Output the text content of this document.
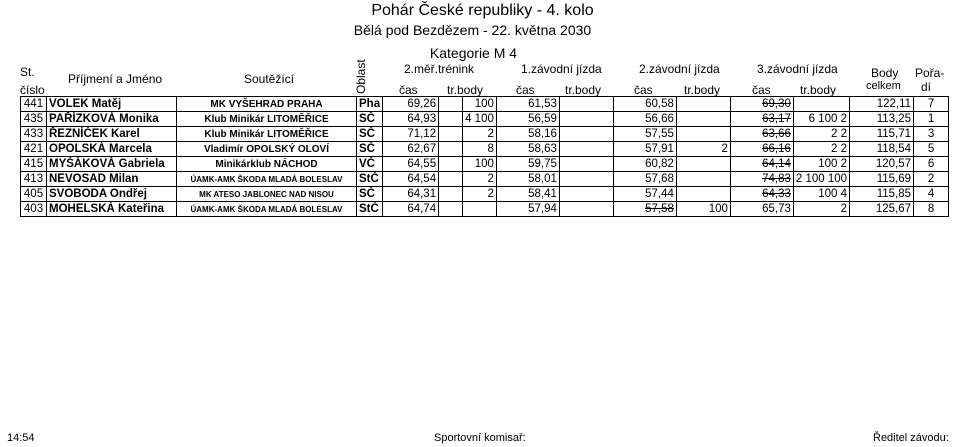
Pohár České republiky - 4. kolo
Bělá pod Bezdězem - 22. května 2030
Kategorie M 4
St.
číslo
Příjmení a Jméno	Soutěžící	Oblast	2.měř.trénink	1.závodní jízda	2.závodní jízda	3.závodní jízda
čas tr.body	čas	tr.body	čas	tr.body	čas tr.body
Body
celkem
Pořa-
dí
441	VOLEK Matěj	MK VYŠEHRAD PRAHA	Pha	69,26		100	61,53		60,58		69,30		122,11	7
435	PAŘÍZKOVÁ Monika	Klub Minikár LITOMĚŘICE	SČ	64,93		4 100	56,59		56,66		63,17	6 100 2	113,25	1
433	ŘEZNÍČEK Karel	Klub Minikár LITOMĚŘICE	SČ	71,12		2	58,16		57,55		63,66	2 2	115,71	3
421	OPOLSKÁ Marcela	Vladimír OPOLSKÝ OLOVÍ	SČ	62,67		8	58,63		57,91	2	66,16	2 2	118,54	5
415	MYŠÁKOVÁ Gabriela	Minikárklub NÁCHOD	VČ	64,55		100	59,75		60,82		64,14	100 2	120,57	6
413	NEVOSAD Milan	ÚAMK-AMK ŠKODA MLADÁ BOLESLAV	StČ	64,54		2	58,01		57,68		74,83	2 100 100	115,69	2
405	SVOBODA Ondřej	MK ATESO JABLONEC NAD NISOU	SČ	64,31		2	58,41		57,44		64,33	100 4	115,85	4
403	MOHELSKÁ Kateřina	ÚAMK-AMK ŠKODA MLADÁ BOLESLAV	StČ	64,74			57,94		57,58	100	65,73	2	125,67	8
14:54	Sportovní komisař:	Ředitel závodu:
